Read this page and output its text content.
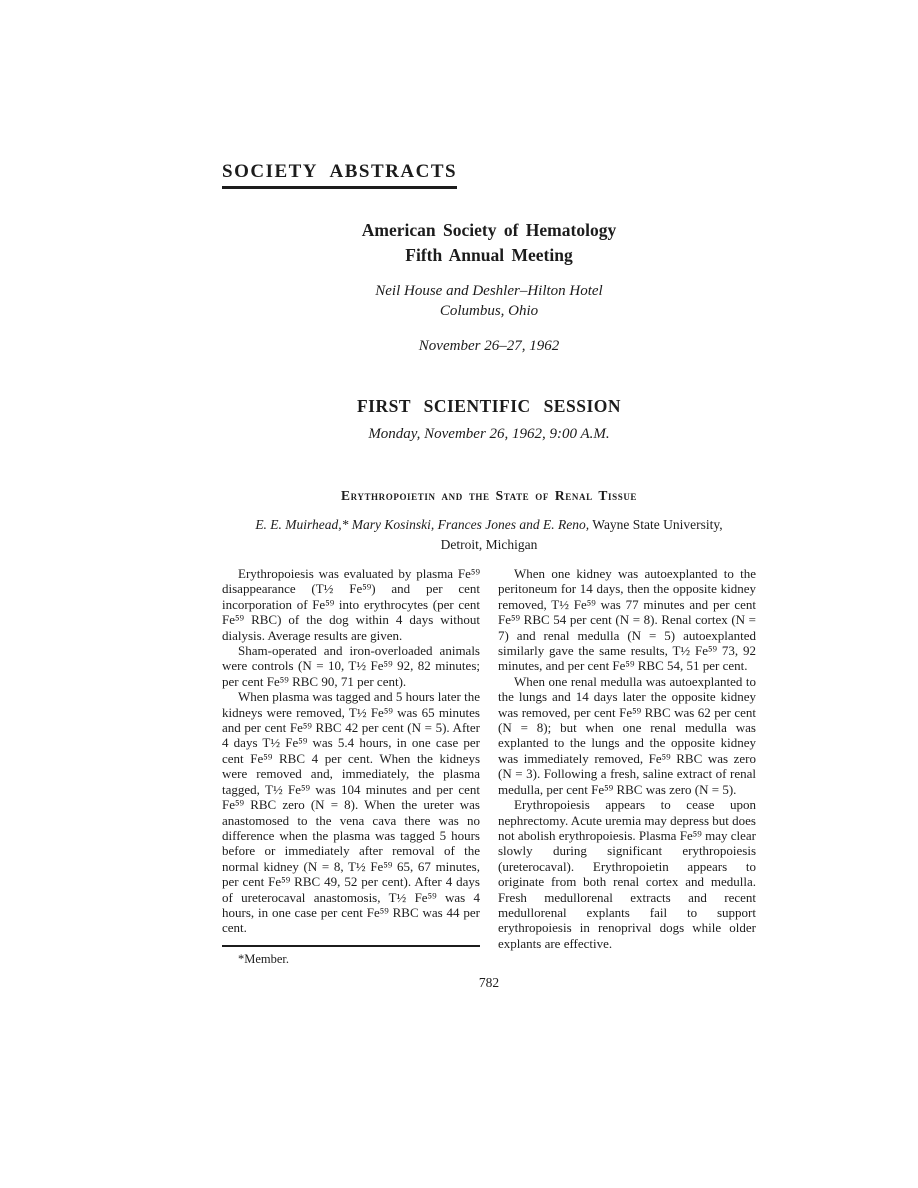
SOCIETY ABSTRACTS
American Society of Hematology
Fifth Annual Meeting
Neil House and Deshler–Hilton Hotel
Columbus, Ohio
November 26–27, 1962
FIRST SCIENTIFIC SESSION
Monday, November 26, 1962, 9:00 A.M.
Erythropoietin and the State of Renal Tissue
E. E. Muirhead,* Mary Kosinski, Frances Jones and E. Reno, Wayne State University,
Detroit, Michigan

Erythropoiesis was evaluated by plasma Fe⁵⁹ disappearance (T½ Fe⁵⁹) and per cent incorporation of Fe⁵⁹ into erythrocytes (per cent Fe⁵⁹ RBC) of the dog within 4 days without dialysis. Average results are given.

Sham-operated and iron-overloaded animals were controls (N = 10, T½ Fe⁵⁹ 92, 82 minutes; per cent Fe⁵⁹ RBC 90, 71 per cent).

When plasma was tagged and 5 hours later the kidneys were removed, T½ Fe⁵⁹ was 65 minutes and per cent Fe⁵⁹ RBC 42 per cent (N = 5). After 4 days T½ Fe⁵⁹ was 5.4 hours, in one case per cent Fe⁵⁹ RBC 4 per cent. When the kidneys were removed and, immediately, the plasma tagged, T½ Fe⁵⁹ was 104 minutes and per cent Fe⁵⁹ RBC zero (N = 8). When the ureter was anastomosed to the vena cava there was no difference when the plasma was tagged 5 hours before or immediately after removal of the normal kidney (N = 8, T½ Fe⁵⁹ 65, 67 minutes, per cent Fe⁵⁹ RBC 49, 52 per cent). After 4 days of ureterocaval anastomosis, T½ Fe⁵⁹ was 4 hours, in one case per cent Fe⁵⁹ RBC was 44 per cent.

*Member.

When one kidney was autoexplanted to the peritoneum for 14 days, then the opposite kidney removed, T½ Fe⁵⁹ was 77 minutes and per cent Fe⁵⁹ RBC 54 per cent (N = 8). Renal cortex (N = 7) and renal medulla (N = 5) autoexplanted similarly gave the same results, T½ Fe⁵⁹ 73, 92 minutes, and per cent Fe⁵⁹ RBC 54, 51 per cent.

When one renal medulla was autoexplanted to the lungs and 14 days later the opposite kidney was removed, per cent Fe⁵⁹ RBC was 62 per cent (N = 8); but when one renal medulla was explanted to the lungs and the opposite kidney was immediately removed, Fe⁵⁹ RBC was zero (N = 3). Following a fresh, saline extract of renal medulla, per cent Fe⁵⁹ RBC was zero (N = 5).

Erythropoiesis appears to cease upon nephrectomy. Acute uremia may depress but does not abolish erythropoiesis. Plasma Fe⁵⁹ may clear slowly during significant erythropoiesis (ureterocaval). Erythropoietin appears to originate from both renal cortex and medulla. Fresh medullorenal extracts and recent medullorenal explants fail to support erythropoiesis in renoprival dogs while older explants are effective.

782
